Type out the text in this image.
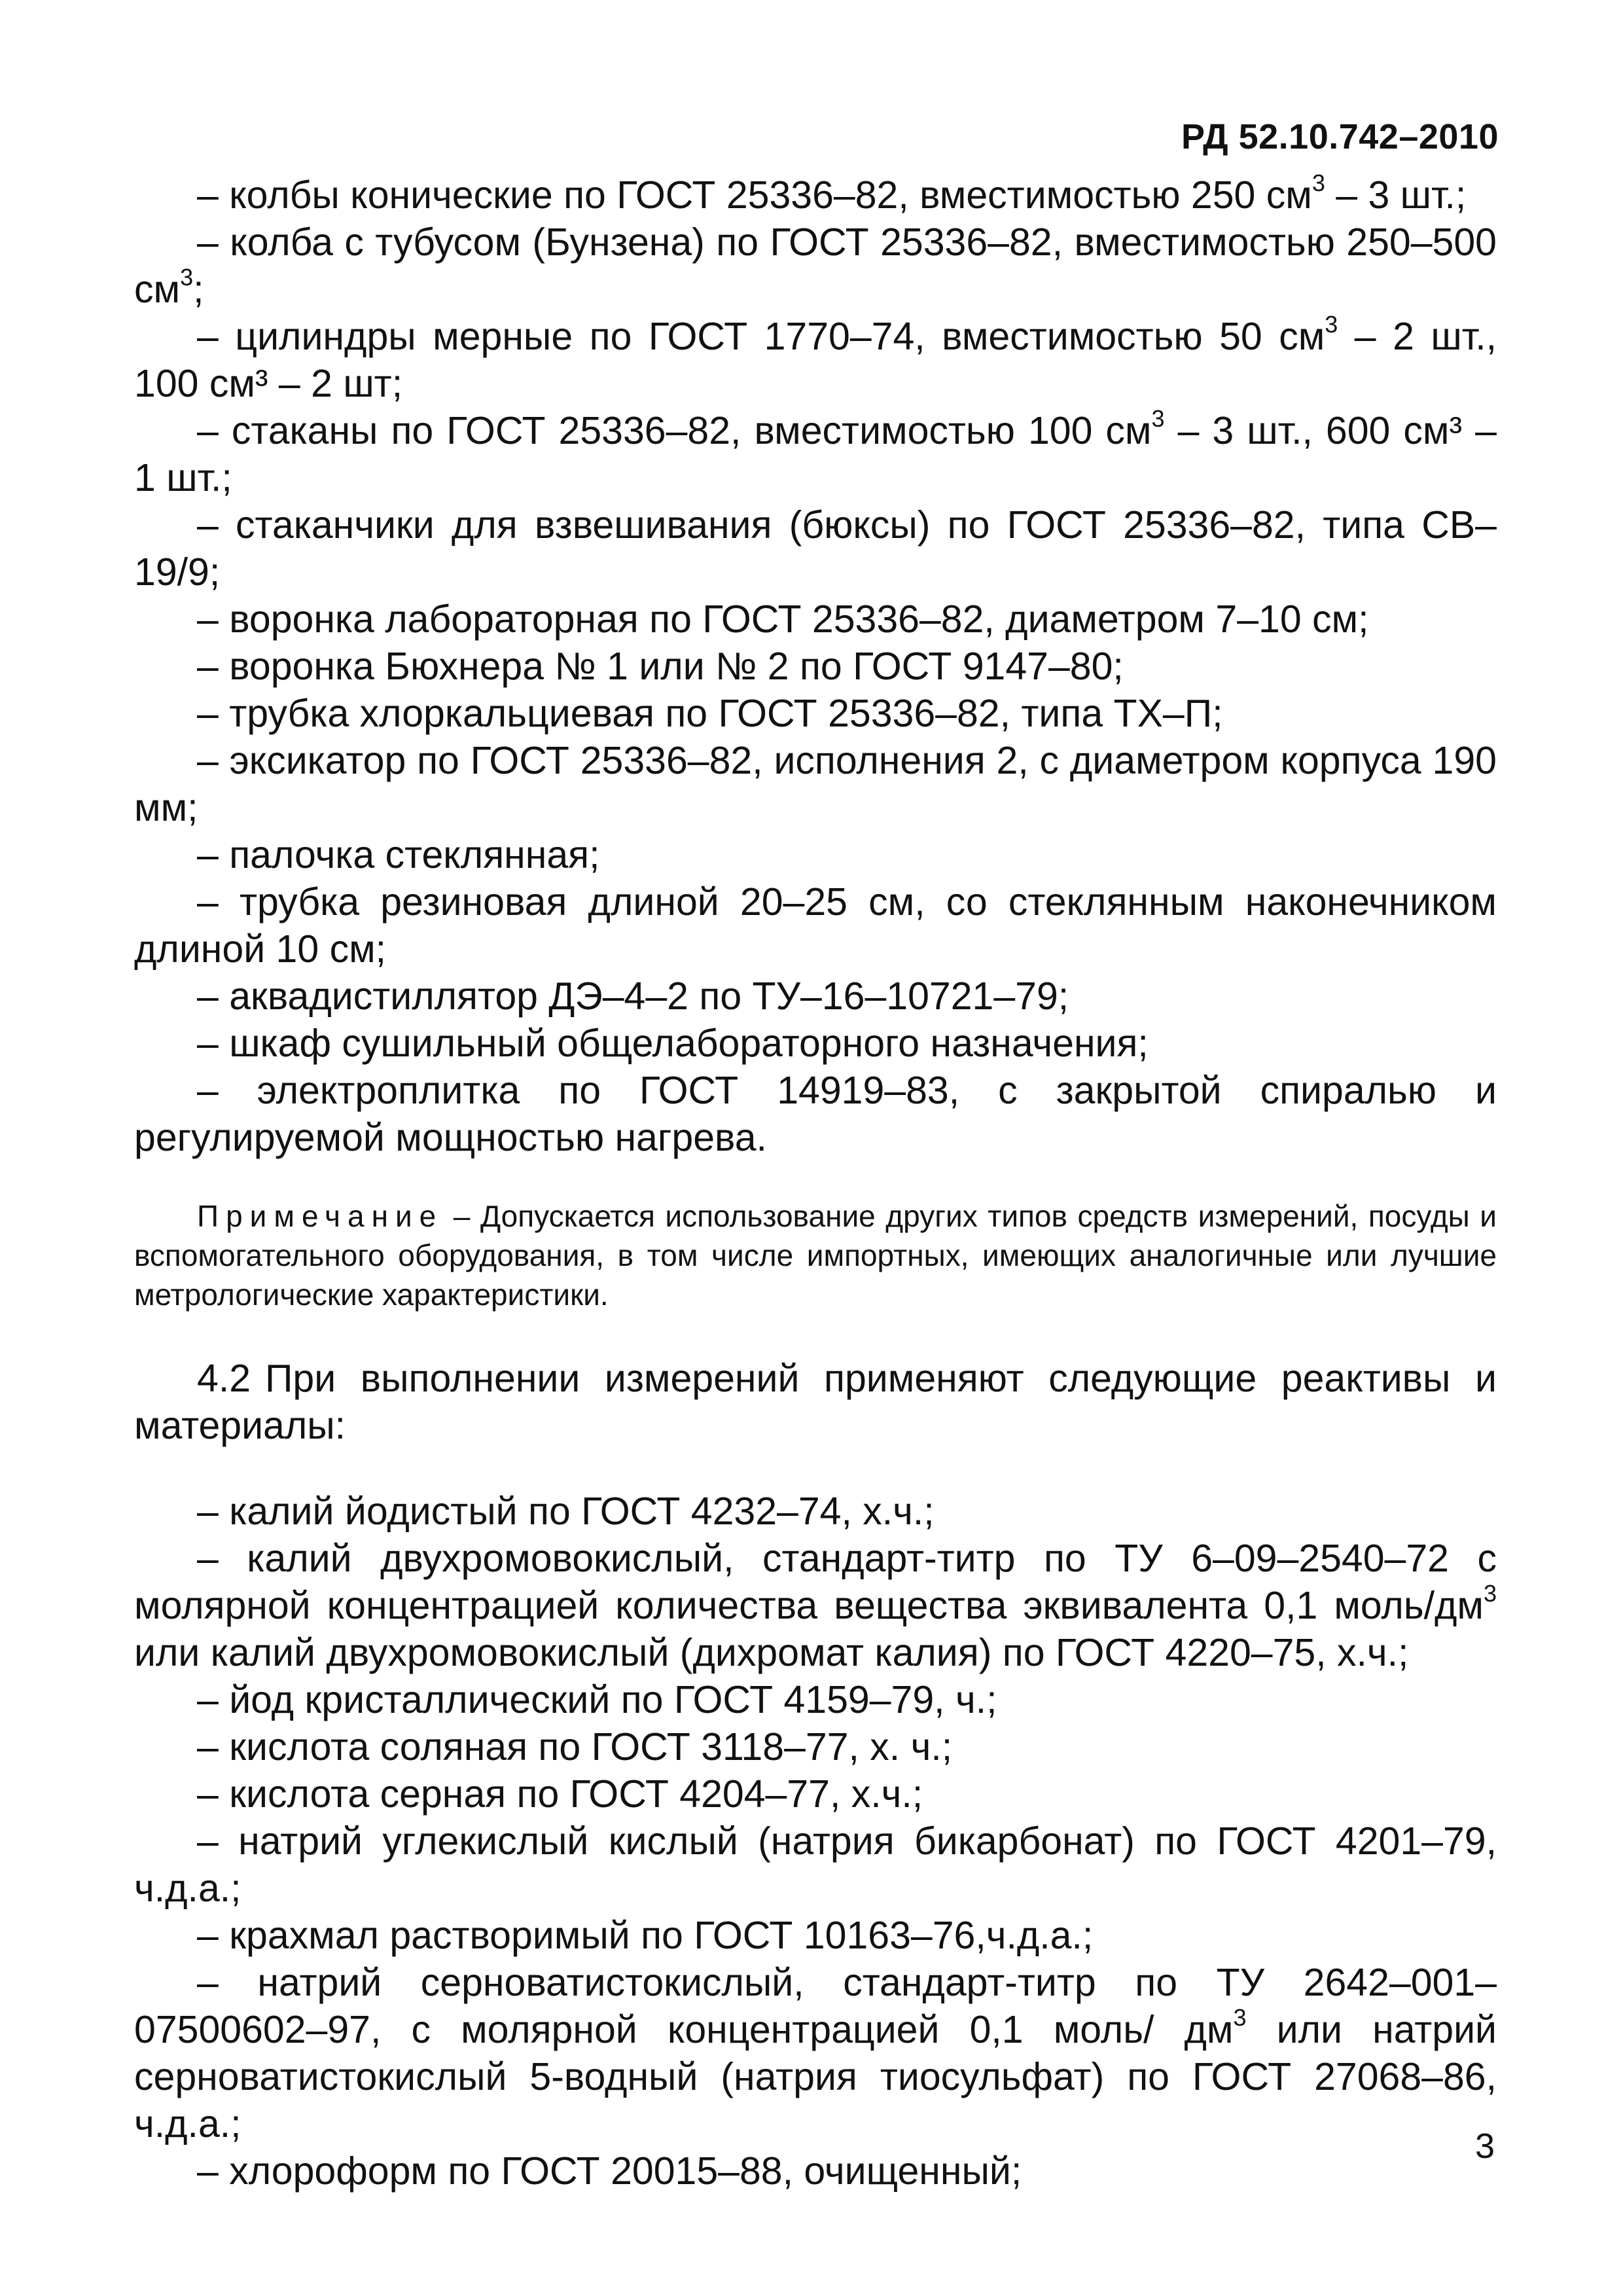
РД 52.10.742–2010

– колбы конические по ГОСТ 25336–82, вместимостью 250 $см^3 - 3$ шт.;

– колба с тубусом (Бунзена) по ГОСТ 25336–82, вместимостью 250–500 $см^3$;

– цилиндры мерные по ГОСТ 1770–74, вместимостью 50 $см^3 - 2$ шт., 100 см³ – 2 шт;

– стаканы по ГОСТ 25336–82, вместимостью 100 $см^3 - 3$ шт., 600 см³ – 1 шт.;

– стаканчики для взвешивания (бюксы) по ГОСТ 25336–82, типа СВ–19/9;

– воронка лабораторная по ГОСТ 25336–82, диаметром 7–10 см;

– воронка Бюхнера № 1 или № 2 по ГОСТ 9147–80;

– трубка хлоркальциевая по ГОСТ 25336–82, типа ТХ–П;

– эксикатор по ГОСТ 25336–82, исполнения 2, с диаметром корпуса 190 мм;

– палочка стеклянная;

– трубка резиновая длиной 20–25 см, со стеклянным наконечником длиной 10 см;

– аквадистиллятор ДЭ–4–2 по ТУ–16–10721–79;

– шкаф сушильный общелабораторного назначения;

– электроплитка по ГОСТ 14919–83, с закрытой спиралью и регулируемой мощностью нагрева.

Примечание – Допускается использование других типов средств измерений, посуды и вспомогательного оборудования, в том числе импортных, имеющих аналогичные или лучшие метрологические характеристики.

4.2 При выполнении измерений применяют следующие реактивы и материалы:

– калий йодистый по ГОСТ 4232–74, х.ч.;

– калий двухромовокислый, стандарт-титр по ТУ 6–09–2540–72 с молярной концентрацией количества вещества эквивалента 0,1 моль/$дм^3$ или калий двухромовокислый (дихромат калия) по ГОСТ 4220–75, х.ч.;

– йод кристаллический по ГОСТ 4159–79, ч.;

– кислота соляная по ГОСТ 3118–77, х. ч.;

– кислота серная по ГОСТ 4204–77, х.ч.;

– натрий углекислый кислый (натрия бикарбонат) по ГОСТ 4201–79, ч.д.а.;

– крахмал растворимый по ГОСТ 10163–76,ч.д.а.;

– натрий серноватистокислый, стандарт-титр по ТУ 2642–001–07500602–97, с молярной концентрацией 0,1 моль/ $дм^3$ или натрий серноватистокислый 5-водный (натрия тиосульфат) по ГОСТ 27068–86, ч.д.а.;

– хлороформ по ГОСТ 20015–88, очищенный;

3
